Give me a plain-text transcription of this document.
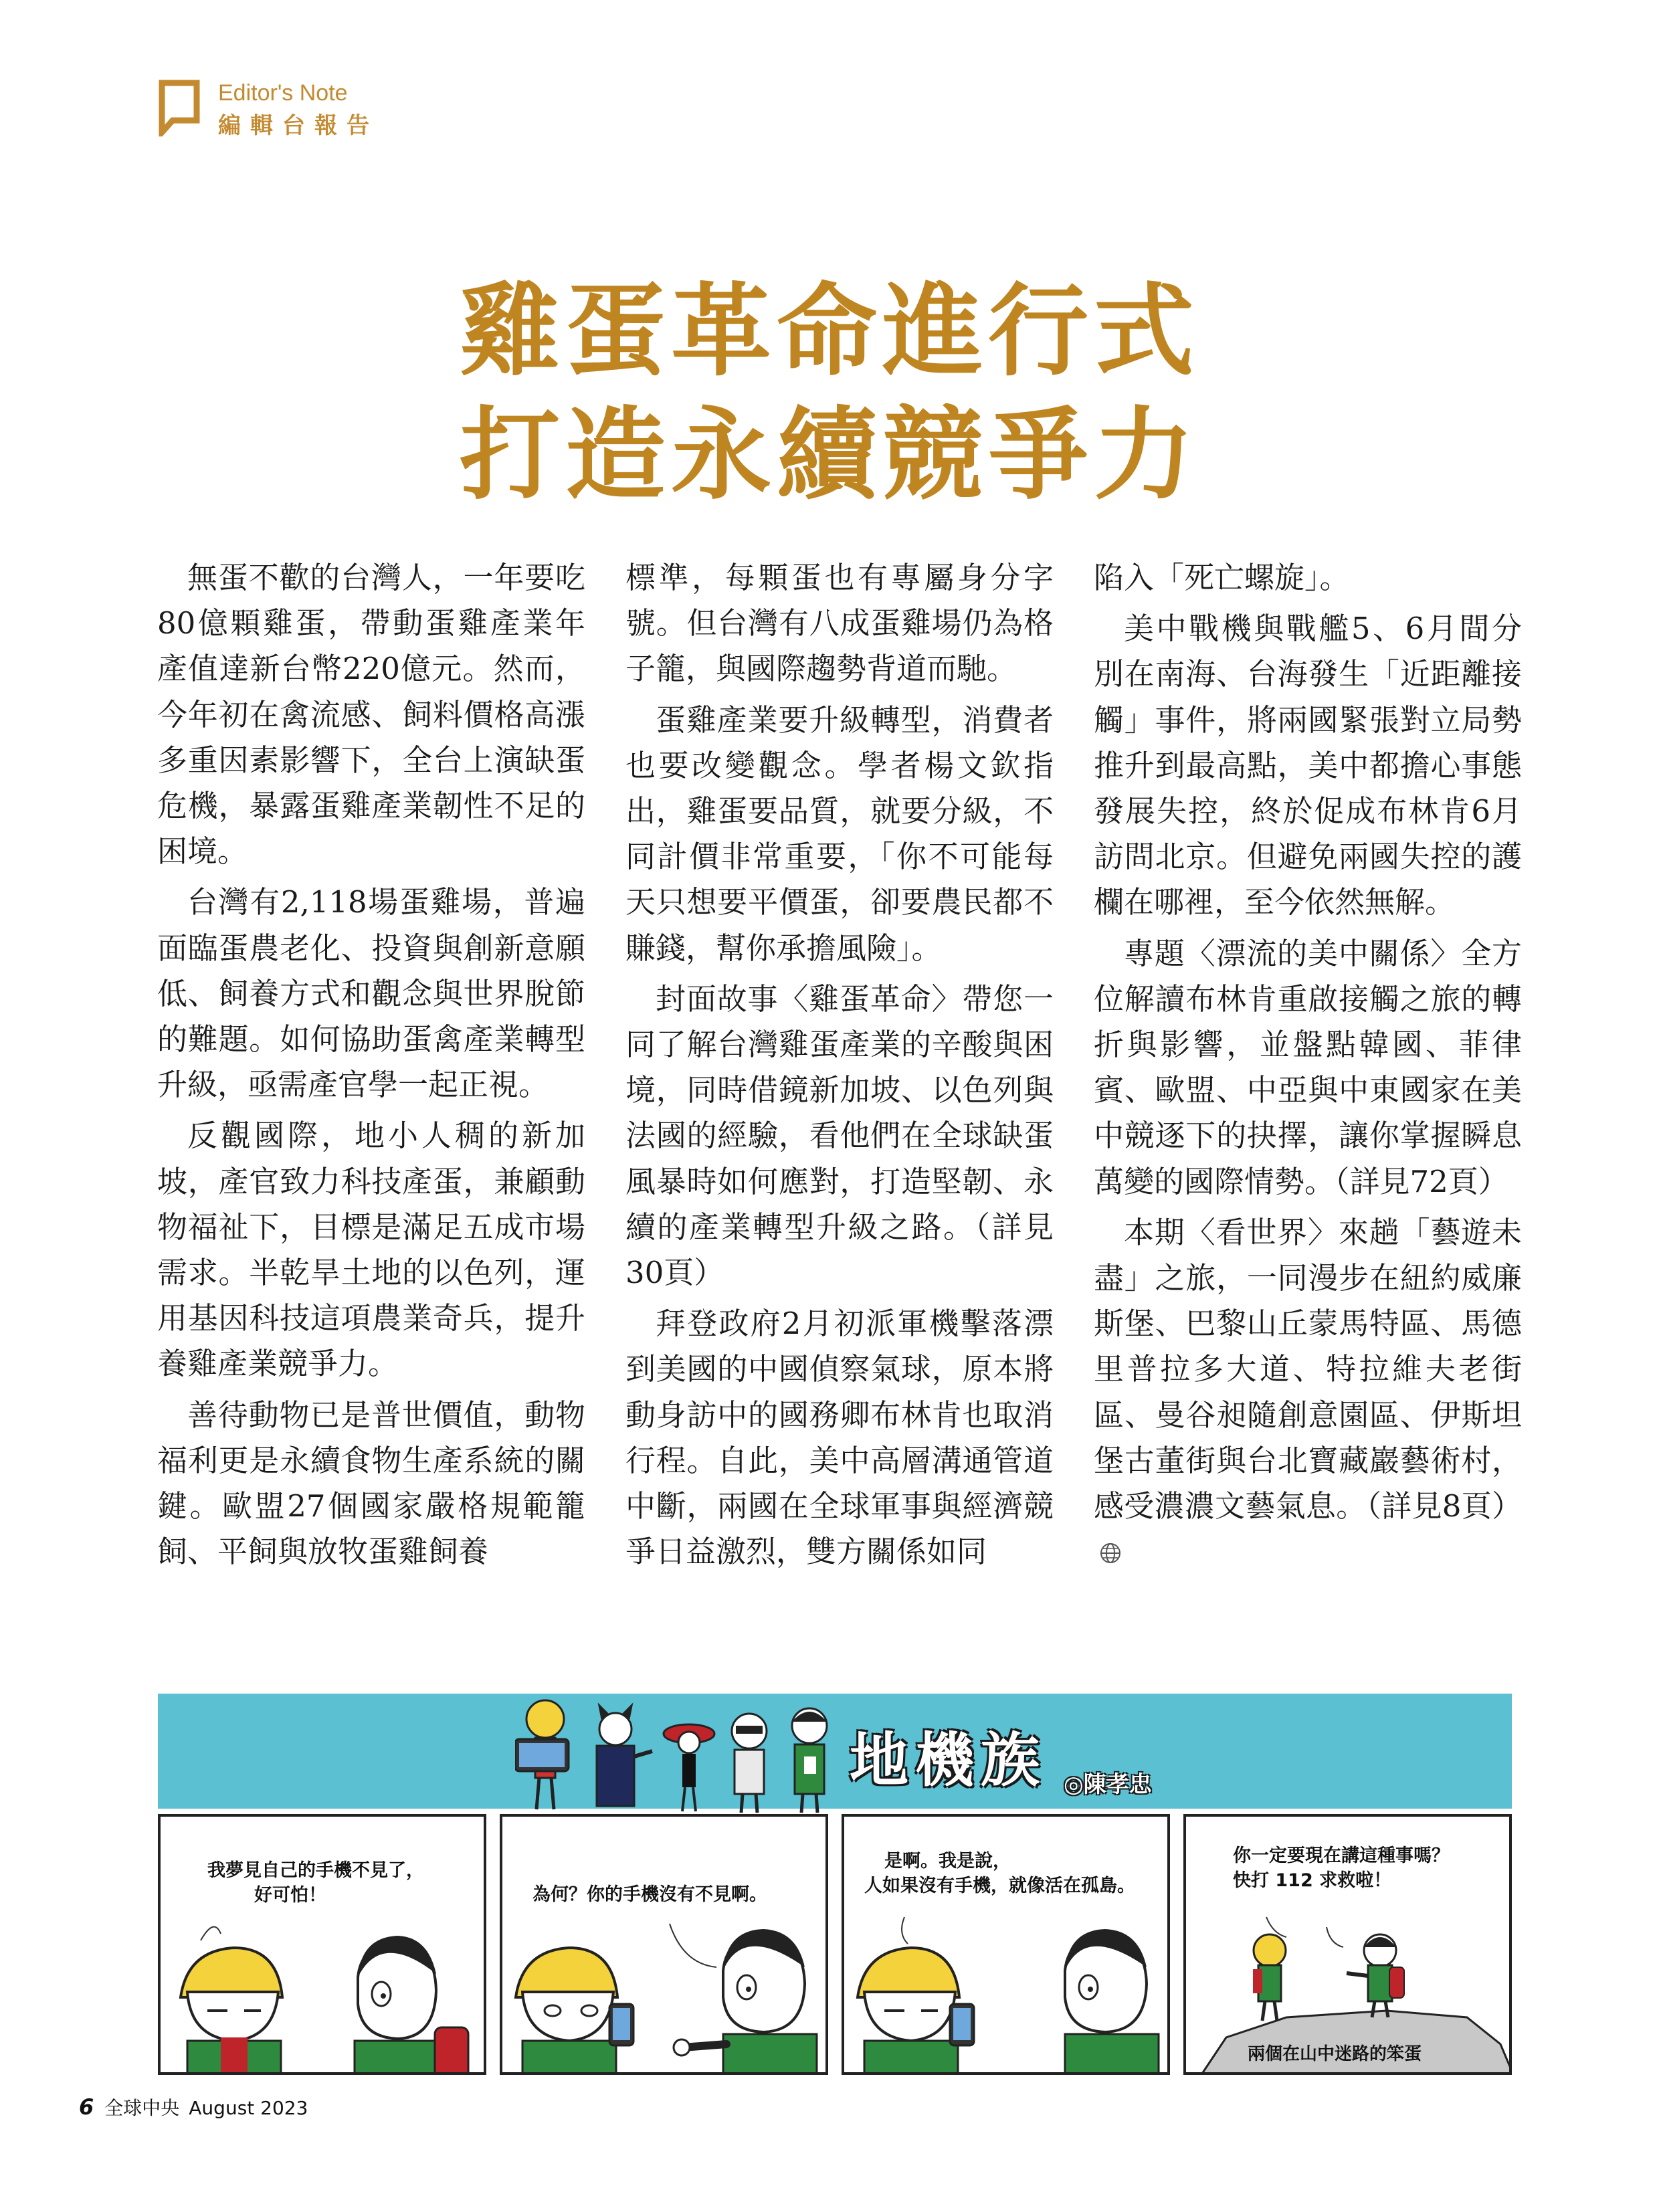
Editor's Note
編輯台報告
雞蛋革命進行式
打造永續競爭力

無蛋不歡的台灣人，一年要吃80億顆雞蛋，帶動蛋雞產業年產值達新台幣220億元。然而，今年初在禽流感、飼料價格高漲多重因素影響下，全台上演缺蛋危機，暴露蛋雞產業韌性不足的困境。

台灣有2,118場蛋雞場，普遍面臨蛋農老化、投資與創新意願低、飼養方式和觀念與世界脫節的難題。如何協助蛋禽產業轉型升級，亟需產官學一起正視。

反觀國際，地小人稠的新加坡，產官致力科技產蛋，兼顧動物福祉下，目標是滿足五成市場需求。半乾旱土地的以色列，運用基因科技這項農業奇兵，提升養雞產業競爭力。

善待動物已是普世價值，動物福利更是永續食物生產系統的關鍵。歐盟27個國家嚴格規範籠飼、平飼與放牧蛋雞飼養

標準，每顆蛋也有專屬身分字號。但台灣有八成蛋雞場仍為格子籠，與國際趨勢背道而馳。

蛋雞產業要升級轉型，消費者也要改變觀念。學者楊文欽指出，雞蛋要品質，就要分級，不同計價非常重要，「你不可能每天只想要平價蛋，卻要農民都不賺錢，幫你承擔風險」。

封面故事〈雞蛋革命〉帶您一同了解台灣雞蛋產業的辛酸與困境，同時借鏡新加坡、以色列與法國的經驗，看他們在全球缺蛋風暴時如何應對，打造堅韌、永續的產業轉型升級之路。（詳見30頁）

拜登政府2月初派軍機擊落漂到美國的中國偵察氣球，原本將動身訪中的國務卿布林肯也取消行程。自此，美中高層溝通管道中斷，兩國在全球軍事與經濟競爭日益激烈，雙方關係如同

陷入「死亡螺旋」。

美中戰機與戰艦5、6月間分別在南海、台海發生「近距離接觸」事件，將兩國緊張對立局勢推升到最高點，美中都擔心事態發展失控，終於促成布林肯6月訪問北京。但避免兩國失控的護欄在哪裡，至今依然無解。

專題〈漂流的美中關係〉全方位解讀布林肯重啟接觸之旅的轉折與影響，並盤點韓國、菲律賓、歐盟、中亞與中東國家在美中競逐下的抉擇，讓你掌握瞬息萬變的國際情勢。（詳見72頁）

本期〈看世界〉來趟「藝遊未盡」之旅，一同漫步在紐約威廉斯堡、巴黎山丘蒙馬特區、馬德里普拉多大道、特拉維夫老街區、曼谷昶隨創意園區、伊斯坦堡古董街與台北寶藏巖藝術村，感受濃濃文藝氣息。（詳見8頁）

地機族 ◎陳孝忠
我夢見自己的手機不見了，
好可怕！	為何？你的手機沒有不見啊。
是啊。我是說，
人如果沒有手機，就像活在孤島。
你一定要現在講這種事嗎？
快打 112 求救啦！
兩個在山中迷路的笨蛋
6 全球中央 August 2023
